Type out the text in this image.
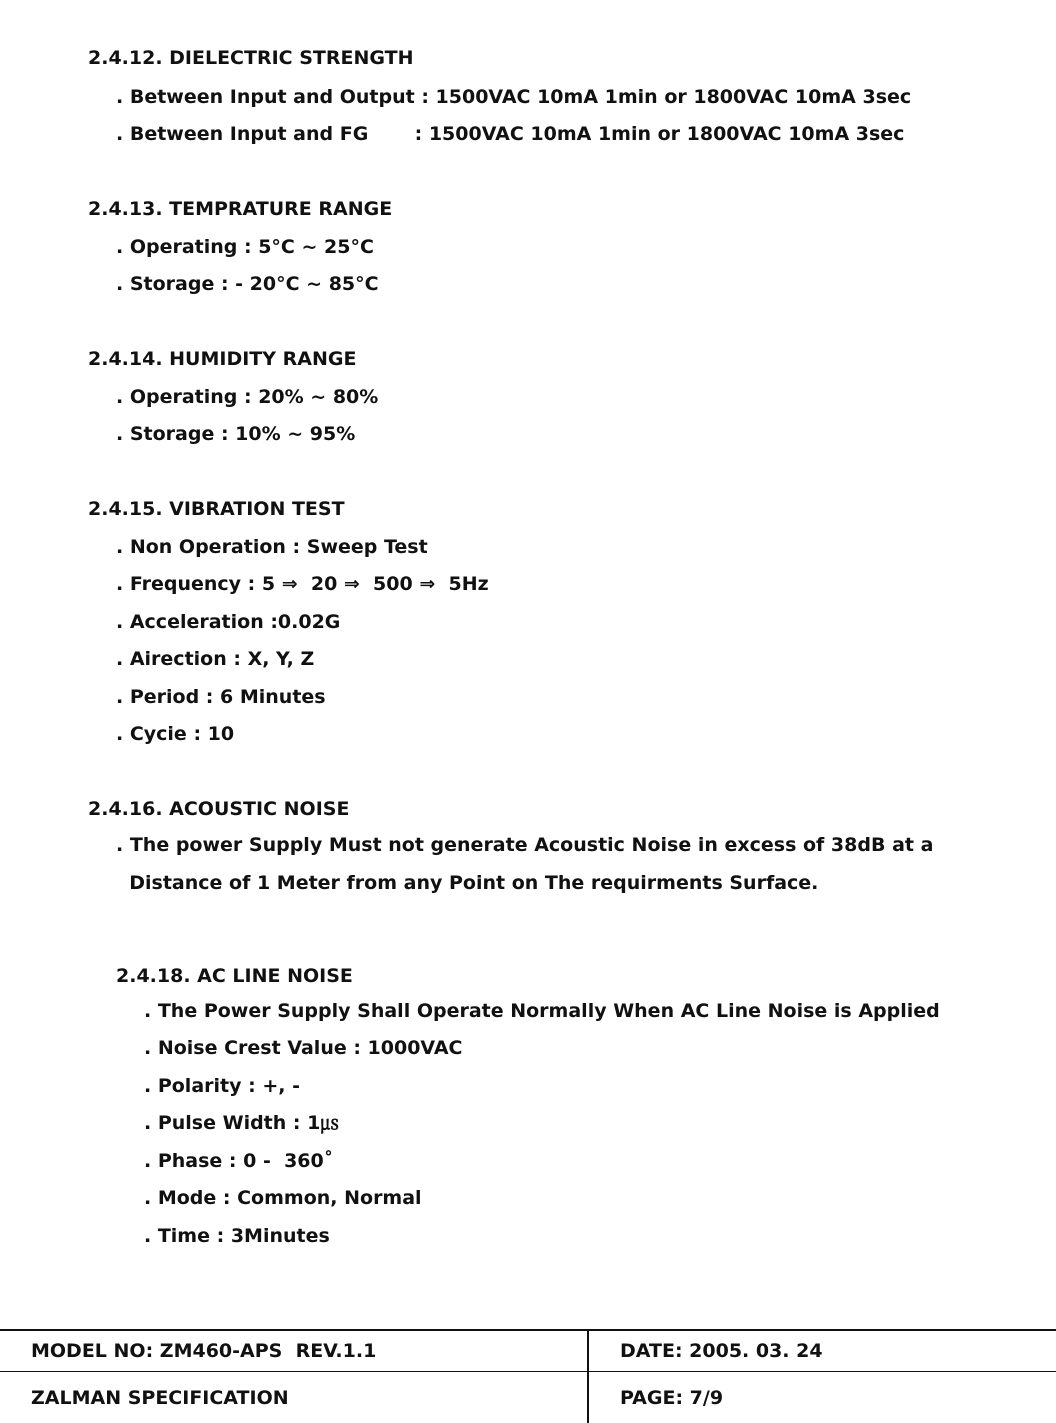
2.4.12. DIELECTRIC STRENGTH
. Between Input and Output : 1500VAC 10mA 1min or 1800VAC 10mA 3sec
. Between Input and FG       : 1500VAC 10mA 1min or 1800VAC 10mA 3sec
2.4.13. TEMPRATURE RANGE
. Operating : 5°C ~ 25°C
. Storage : - 20°C ~ 85°C
2.4.14. HUMIDITY RANGE
. Operating : 20% ~ 80%
. Storage : 10% ~ 95%
2.4.15. VIBRATION TEST
. Non Operation : Sweep Test
. Frequency : 5 ⇒  20 ⇒  500 ⇒  5Hz
. Acceleration :0.02G
. Airection : X, Y, Z
. Period : 6 Minutes
. Cycie : 10
2.4.16. ACOUSTIC NOISE
. The power Supply Must not generate Acoustic Noise in excess of 38dB at a
Distance of 1 Meter from any Point on The requirments Surface.
2.4.18. AC LINE NOISE
. The Power Supply Shall Operate Normally When AC Line Noise is Applied
. Noise Crest Value : 1000VAC
. Polarity : +, -
. Pulse Width : 1㎲
. Phase : 0 -  360˚
. Mode : Common, Normal
. Time : 3Minutes
MODEL NO: ZM460-APS  REV.1.1	DATE: 2005. 03. 24
ZALMAN SPECIFICATION	PAGE: 7/9
